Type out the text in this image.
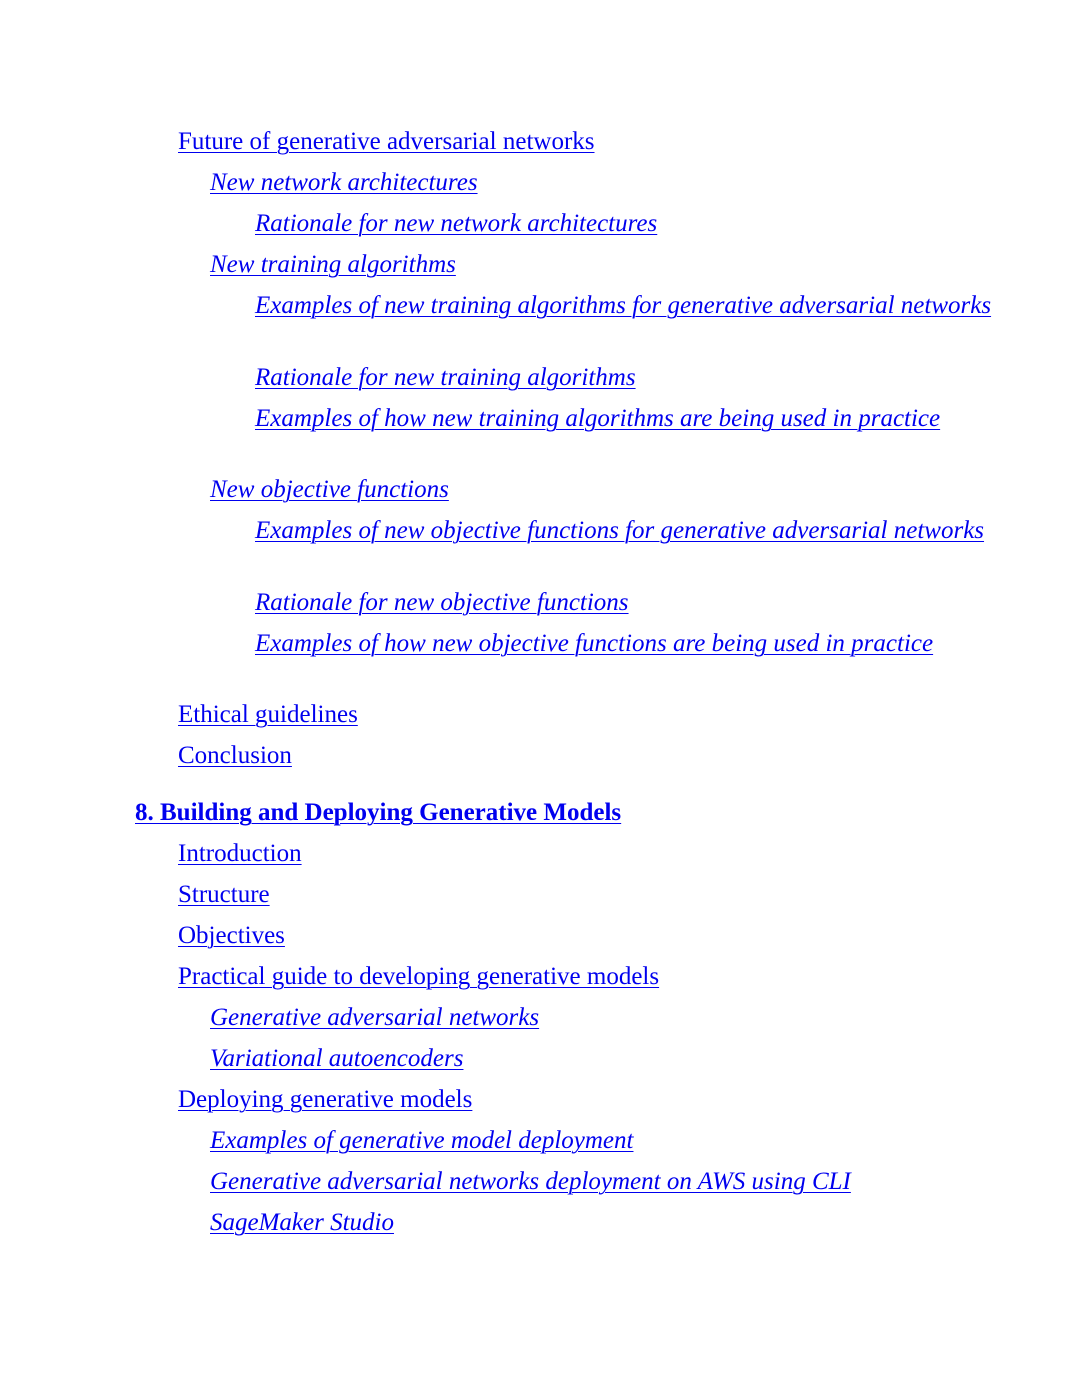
Future of generative adversarial networks
New network architectures
Rationale for new network architectures
New training algorithms
Examples of new training algorithms for generative adversarial networks
Rationale for new training algorithms
Examples of how new training algorithms are being used in practice
New objective functions
Examples of new objective functions for generative adversarial networks
Rationale for new objective functions
Examples of how new objective functions are being used in practice
Ethical guidelines
Conclusion
8. Building and Deploying Generative Models
Introduction
Structure
Objectives
Practical guide to developing generative models
Generative adversarial networks
Variational autoencoders
Deploying generative models
Examples of generative model deployment
Generative adversarial networks deployment on AWS using CLI
SageMaker Studio
